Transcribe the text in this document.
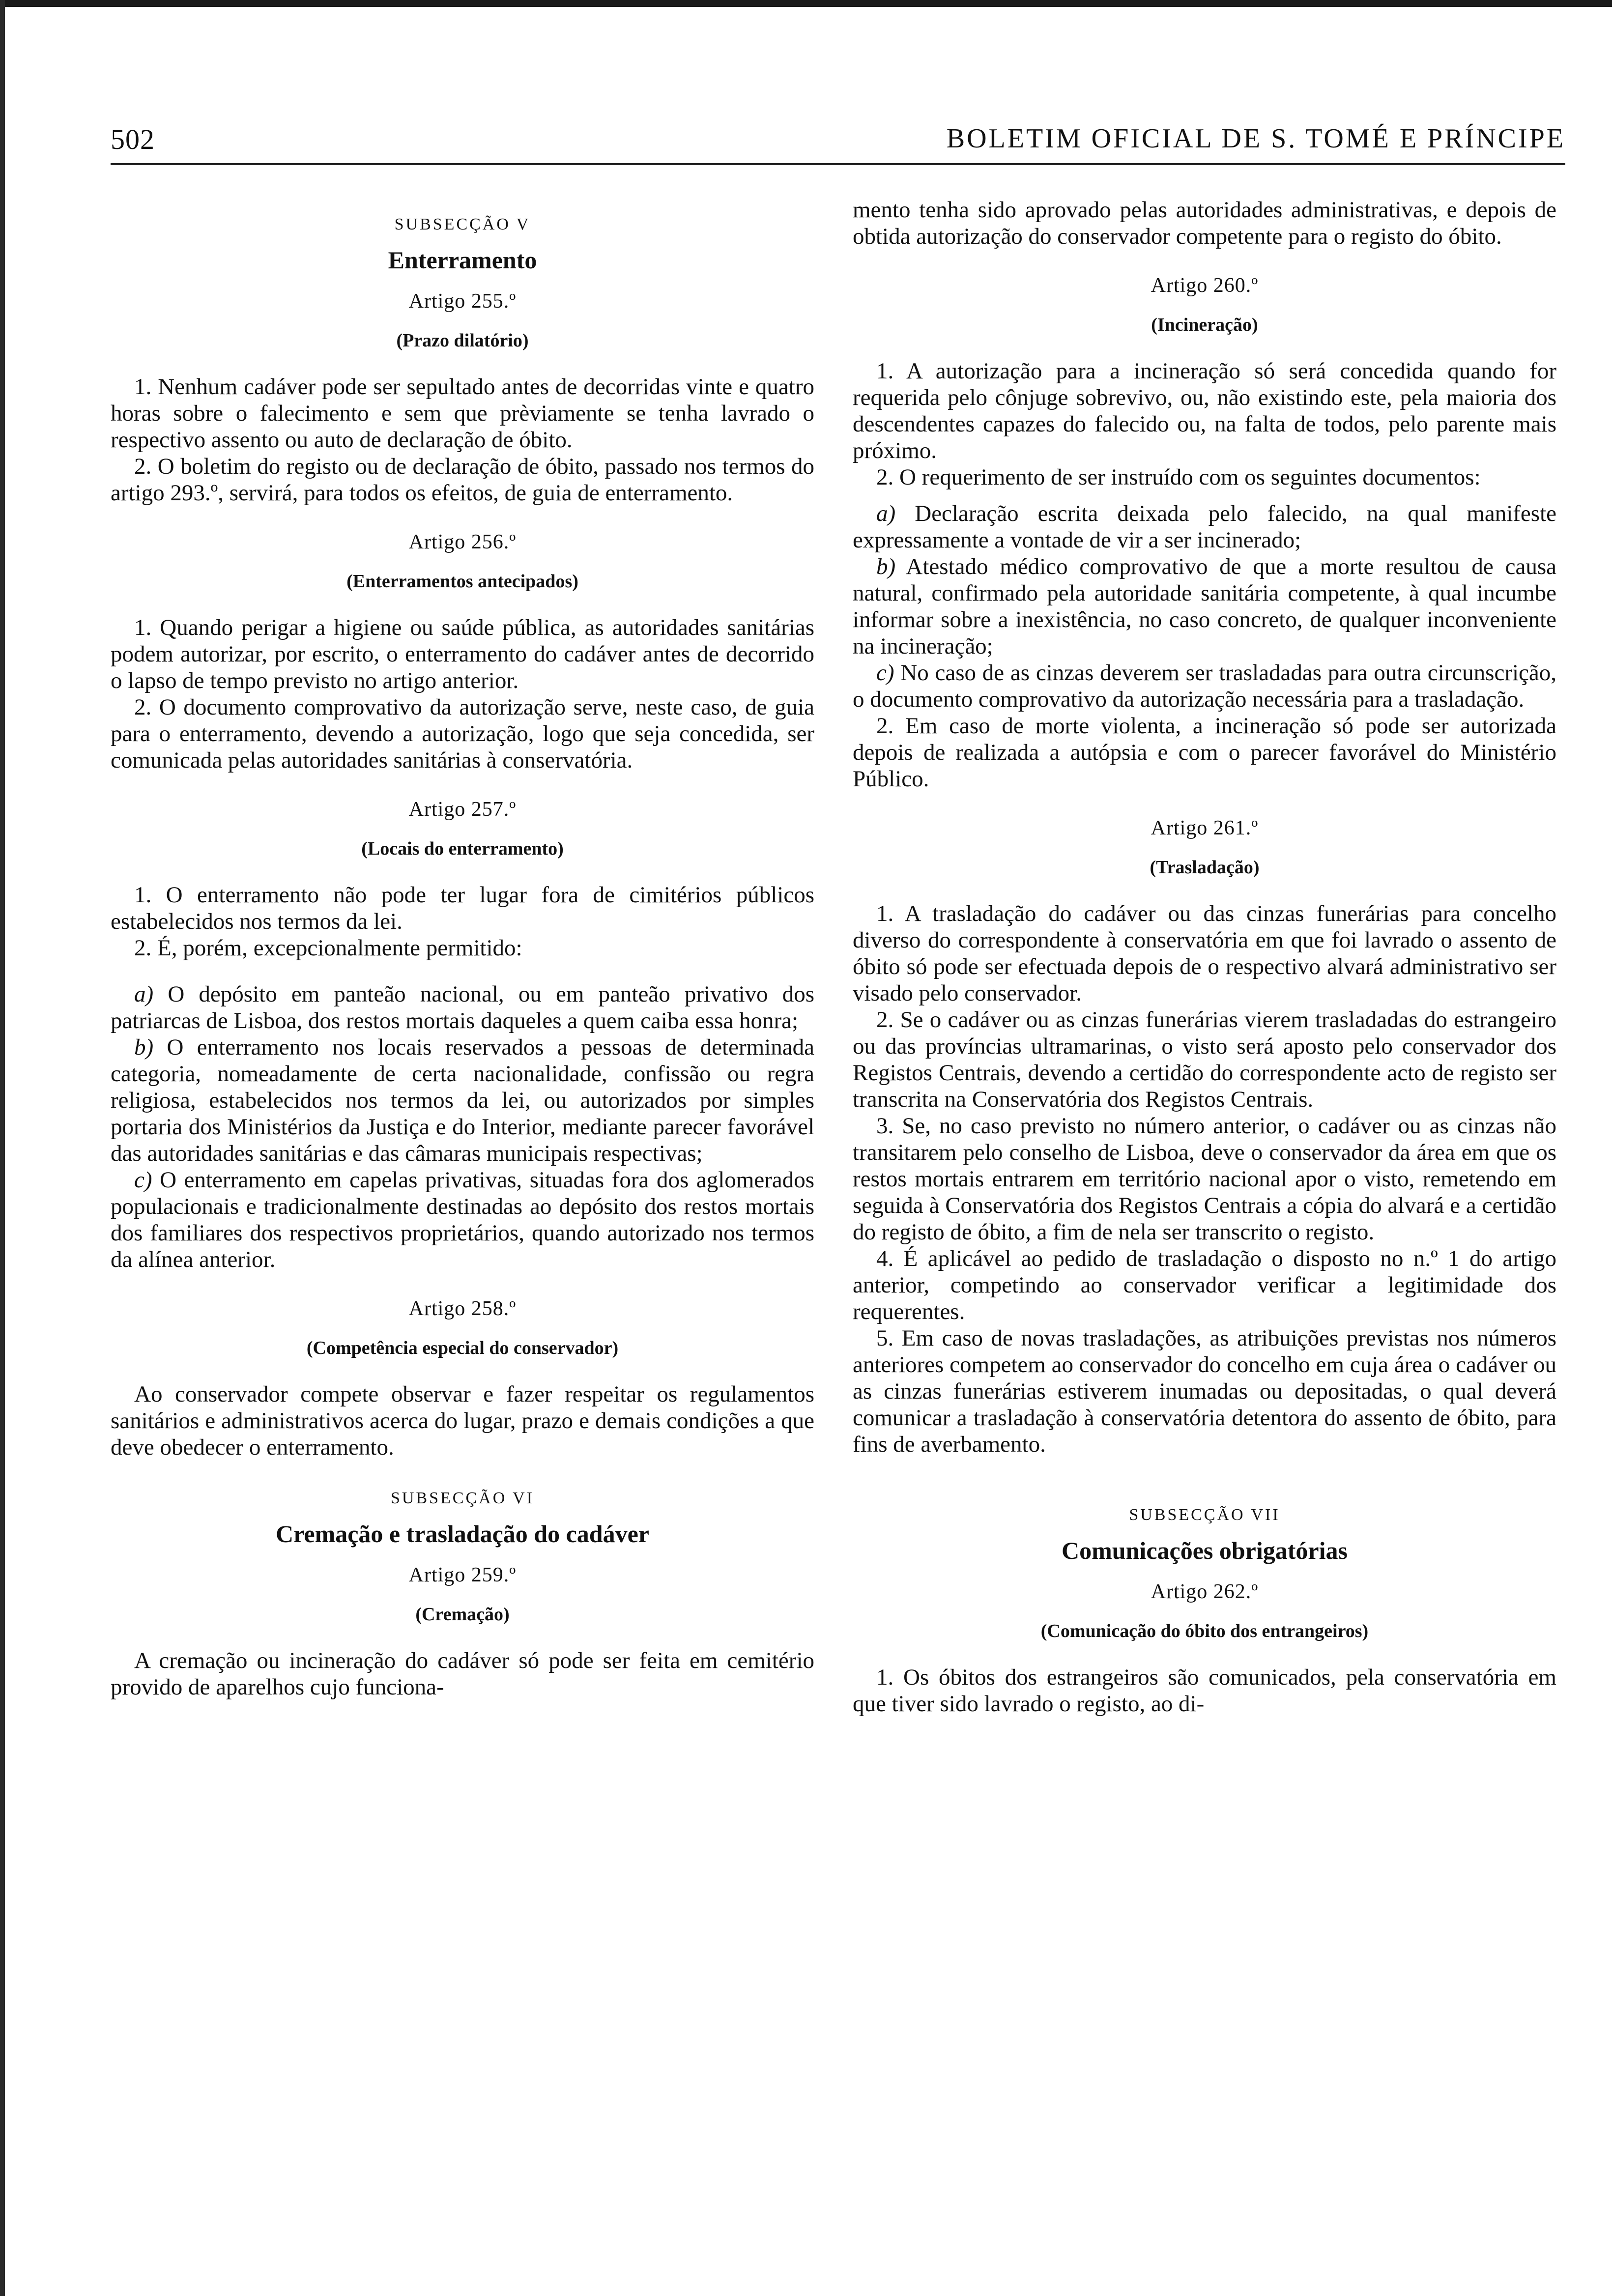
502	BOLETIM OFICIAL DE S. TOMÉ E PRÍNCIPE
SUBSECÇÃO V
Enterramento
Artigo 255.º
(Prazo dilatório)

1. Nenhum cadáver pode ser sepultado antes de decorridas vinte e quatro horas sobre o falecimento e sem que prèviamente se tenha lavrado o respectivo assento ou auto de declaração de óbito.

2. O boletim do registo ou de declaração de óbito, passado nos termos do artigo 293.º, servirá, para todos os efeitos, de guia de enterramento.

Artigo 256.º
(Enterramentos antecipados)

1. Quando perigar a higiene ou saúde pública, as autoridades sanitárias podem autorizar, por escrito, o enterramento do cadáver antes de decorrido o lapso de tempo previsto no artigo anterior.

2. O documento comprovativo da autorização serve, neste caso, de guia para o enterramento, devendo a autorização, logo que seja concedida, ser comunicada pelas autoridades sanitárias à conservatória.

Artigo 257.º
(Locais do enterramento)

1. O enterramento não pode ter lugar fora de cimitérios públicos estabelecidos nos termos da lei.

2. É, porém, excepcionalmente permitido:

a) O depósito em panteão nacional, ou em panteão privativo dos patriarcas de Lisboa, dos restos mortais daqueles a quem caiba essa honra;

b) O enterramento nos locais reservados a pessoas de determinada categoria, nomeadamente de certa nacionalidade, confissão ou regra religiosa, estabelecidos nos termos da lei, ou autorizados por simples portaria dos Ministérios da Justiça e do Interior, mediante parecer favorável das autoridades sanitárias e das câmaras municipais respectivas;

c) O enterramento em capelas privativas, situadas fora dos aglomerados populacionais e tradicionalmente destinadas ao depósito dos restos mortais dos familiares dos respectivos proprietários, quando autorizado nos termos da alínea anterior.

Artigo 258.º
(Competência especial do conservador)

Ao conservador compete observar e fazer respeitar os regulamentos sanitários e administrativos acerca do lugar, prazo e demais condições a que deve obedecer o enterramento.

SUBSECÇÃO VI
Cremação e trasladação do cadáver
Artigo 259.º
(Cremação)

A cremação ou incineração do cadáver só pode ser feita em cemitério provido de aparelhos cujo funciona-

mento tenha sido aprovado pelas autoridades administrativas, e depois de obtida autorização do conservador competente para o registo do óbito.

Artigo 260.º
(Incineração)

1. A autorização para a incineração só será concedida quando for requerida pelo cônjuge sobrevivo, ou, não existindo este, pela maioria dos descendentes capazes do falecido ou, na falta de todos, pelo parente mais próximo.

2. O requerimento de ser instruído com os seguintes documentos:

a) Declaração escrita deixada pelo falecido, na qual manifeste expressamente a vontade de vir a ser incinerado;

b) Atestado médico comprovativo de que a morte resultou de causa natural, confirmado pela autoridade sanitária competente, à qual incumbe informar sobre a inexistência, no caso concreto, de qualquer inconveniente na incineração;

c) No caso de as cinzas deverem ser trasladadas para outra circunscrição, o documento comprovativo da autorização necessária para a trasladação.

2. Em caso de morte violenta, a incineração só pode ser autorizada depois de realizada a autópsia e com o parecer favorável do Ministério Público.

Artigo 261.º
(Trasladação)

1. A trasladação do cadáver ou das cinzas funerárias para concelho diverso do correspondente à conservatória em que foi lavrado o assento de óbito só pode ser efectuada depois de o respectivo alvará administrativo ser visado pelo conservador.

2. Se o cadáver ou as cinzas funerárias vierem trasladadas do estrangeiro ou das províncias ultramarinas, o visto será aposto pelo conservador dos Registos Centrais, devendo a certidão do correspondente acto de registo ser transcrita na Conservatória dos Registos Centrais.

3. Se, no caso previsto no número anterior, o cadáver ou as cinzas não transitarem pelo conselho de Lisboa, deve o conservador da área em que os restos mortais entrarem em território nacional apor o visto, remetendo em seguida à Conservatória dos Registos Centrais a cópia do alvará e a certidão do registo de óbito, a fim de nela ser transcrito o registo.

4. É aplicável ao pedido de trasladação o disposto no n.º 1 do artigo anterior, competindo ao conservador verificar a legitimidade dos requerentes.

5. Em caso de novas trasladações, as atribuições previstas nos números anteriores competem ao conservador do concelho em cuja área o cadáver ou as cinzas funerárias estiverem inumadas ou depositadas, o qual deverá comunicar a trasladação à conservatória detentora do assento de óbito, para fins de averbamento.

SUBSECÇÃO VII
Comunicações obrigatórias
Artigo 262.º
(Comunicação do óbito dos entrangeiros)

1. Os óbitos dos estrangeiros são comunicados, pela conservatória em que tiver sido lavrado o registo, ao di-
